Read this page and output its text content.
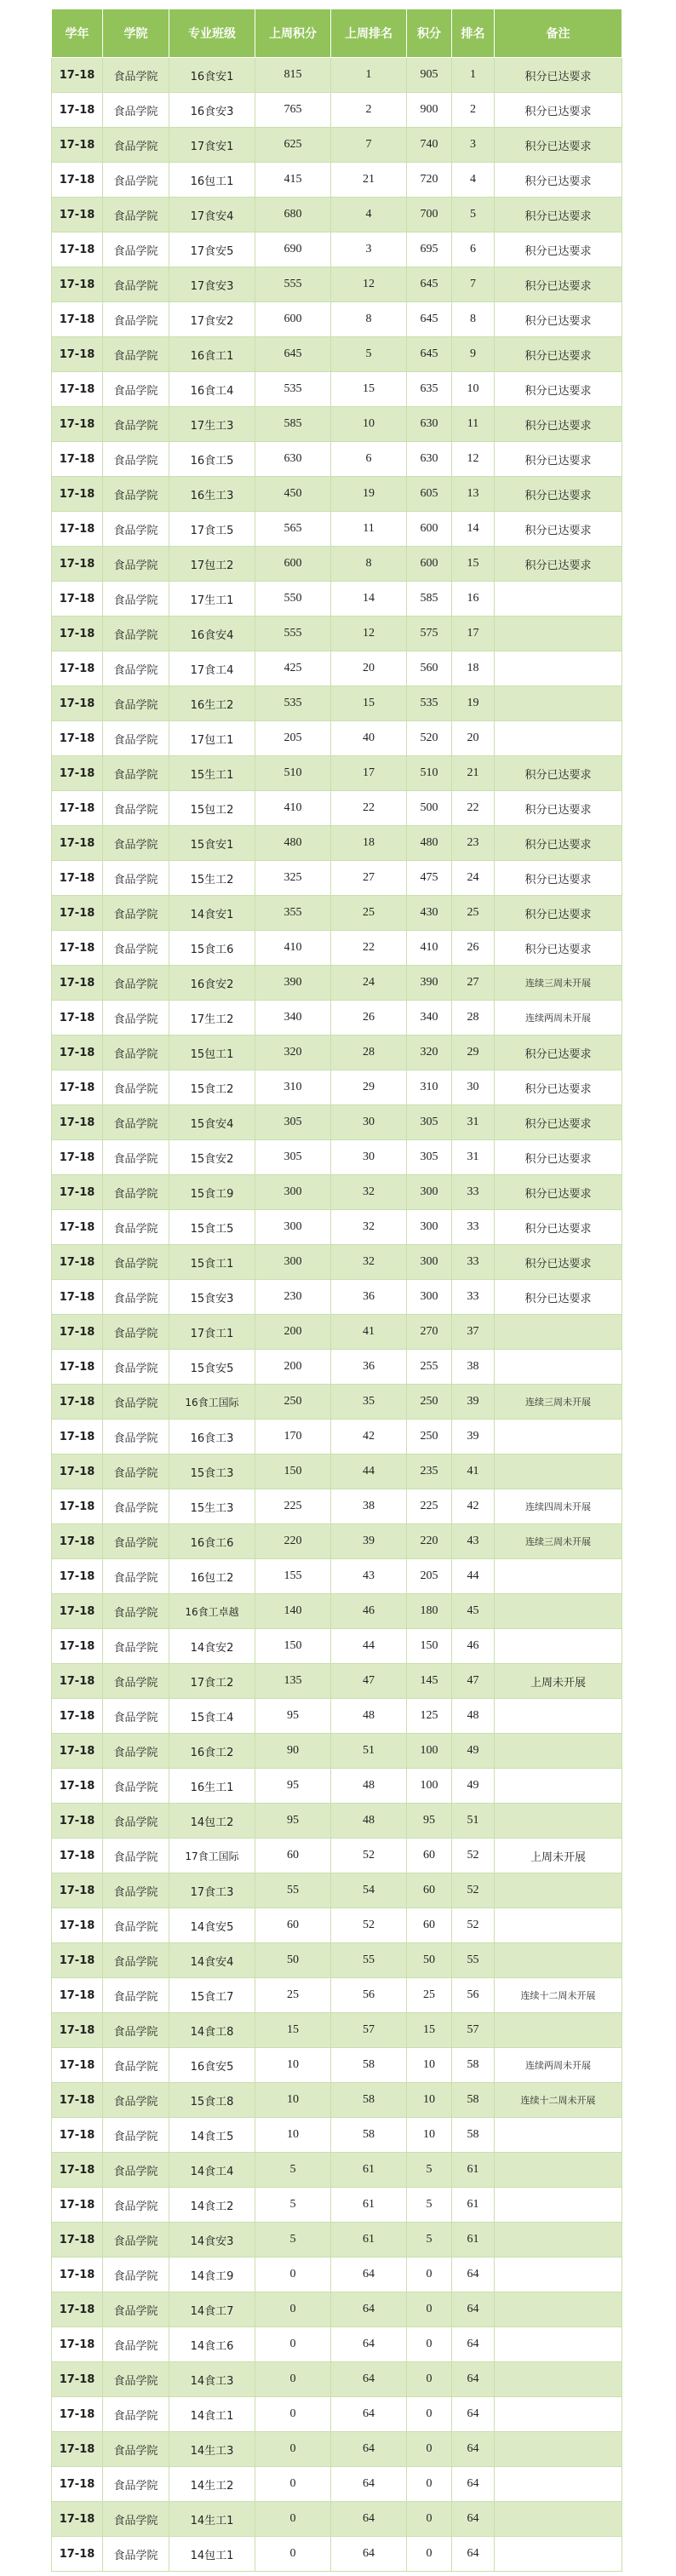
学年	学院	专业班级	上周积分	上周排名	积分	排名	备注
17-18	食品学院	16食安1	815	1	905	1	积分已达要求
17-18	食品学院	16食安3	765	2	900	2	积分已达要求
17-18	食品学院	17食安1	625	7	740	3	积分已达要求
17-18	食品学院	16包工1	415	21	720	4	积分已达要求
17-18	食品学院	17食安4	680	4	700	5	积分已达要求
17-18	食品学院	17食安5	690	3	695	6	积分已达要求
17-18	食品学院	17食安3	555	12	645	7	积分已达要求
17-18	食品学院	17食安2	600	8	645	8	积分已达要求
17-18	食品学院	16食工1	645	5	645	9	积分已达要求
17-18	食品学院	16食工4	535	15	635	10	积分已达要求
17-18	食品学院	17生工3	585	10	630	11	积分已达要求
17-18	食品学院	16食工5	630	6	630	12	积分已达要求
17-18	食品学院	16生工3	450	19	605	13	积分已达要求
17-18	食品学院	17食工5	565	11	600	14	积分已达要求
17-18	食品学院	17包工2	600	8	600	15	积分已达要求
17-18	食品学院	17生工1	550	14	585	16	
17-18	食品学院	16食安4	555	12	575	17	
17-18	食品学院	17食工4	425	20	560	18	
17-18	食品学院	16生工2	535	15	535	19	
17-18	食品学院	17包工1	205	40	520	20	
17-18	食品学院	15生工1	510	17	510	21	积分已达要求
17-18	食品学院	15包工2	410	22	500	22	积分已达要求
17-18	食品学院	15食安1	480	18	480	23	积分已达要求
17-18	食品学院	15生工2	325	27	475	24	积分已达要求
17-18	食品学院	14食安1	355	25	430	25	积分已达要求
17-18	食品学院	15食工6	410	22	410	26	积分已达要求
17-18	食品学院	16食安2	390	24	390	27	连续三周未开展
17-18	食品学院	17生工2	340	26	340	28	连续两周未开展
17-18	食品学院	15包工1	320	28	320	29	积分已达要求
17-18	食品学院	15食工2	310	29	310	30	积分已达要求
17-18	食品学院	15食安4	305	30	305	31	积分已达要求
17-18	食品学院	15食安2	305	30	305	31	积分已达要求
17-18	食品学院	15食工9	300	32	300	33	积分已达要求
17-18	食品学院	15食工5	300	32	300	33	积分已达要求
17-18	食品学院	15食工1	300	32	300	33	积分已达要求
17-18	食品学院	15食安3	230	36	300	33	积分已达要求
17-18	食品学院	17食工1	200	41	270	37	
17-18	食品学院	15食安5	200	36	255	38	
17-18	食品学院	16食工国际	250	35	250	39	连续三周未开展
17-18	食品学院	16食工3	170	42	250	39	
17-18	食品学院	15食工3	150	44	235	41	
17-18	食品学院	15生工3	225	38	225	42	连续四周未开展
17-18	食品学院	16食工6	220	39	220	43	连续三周未开展
17-18	食品学院	16包工2	155	43	205	44	
17-18	食品学院	16食工卓越	140	46	180	45	
17-18	食品学院	14食安2	150	44	150	46	
17-18	食品学院	17食工2	135	47	145	47	上周未开展
17-18	食品学院	15食工4	95	48	125	48	
17-18	食品学院	16食工2	90	51	100	49	
17-18	食品学院	16生工1	95	48	100	49	
17-18	食品学院	14包工2	95	48	95	51	
17-18	食品学院	17食工国际	60	52	60	52	上周未开展
17-18	食品学院	17食工3	55	54	60	52	
17-18	食品学院	14食安5	60	52	60	52	
17-18	食品学院	14食安4	50	55	50	55	
17-18	食品学院	15食工7	25	56	25	56	连续十二周未开展
17-18	食品学院	14食工8	15	57	15	57	
17-18	食品学院	16食安5	10	58	10	58	连续两周未开展
17-18	食品学院	15食工8	10	58	10	58	连续十二周未开展
17-18	食品学院	14食工5	10	58	10	58	
17-18	食品学院	14食工4	5	61	5	61	
17-18	食品学院	14食工2	5	61	5	61	
17-18	食品学院	14食安3	5	61	5	61	
17-18	食品学院	14食工9	0	64	0	64	
17-18	食品学院	14食工7	0	64	0	64	
17-18	食品学院	14食工6	0	64	0	64	
17-18	食品学院	14食工3	0	64	0	64	
17-18	食品学院	14食工1	0	64	0	64	
17-18	食品学院	14生工3	0	64	0	64	
17-18	食品学院	14生工2	0	64	0	64	
17-18	食品学院	14生工1	0	64	0	64	
17-18	食品学院	14包工1	0	64	0	64	
